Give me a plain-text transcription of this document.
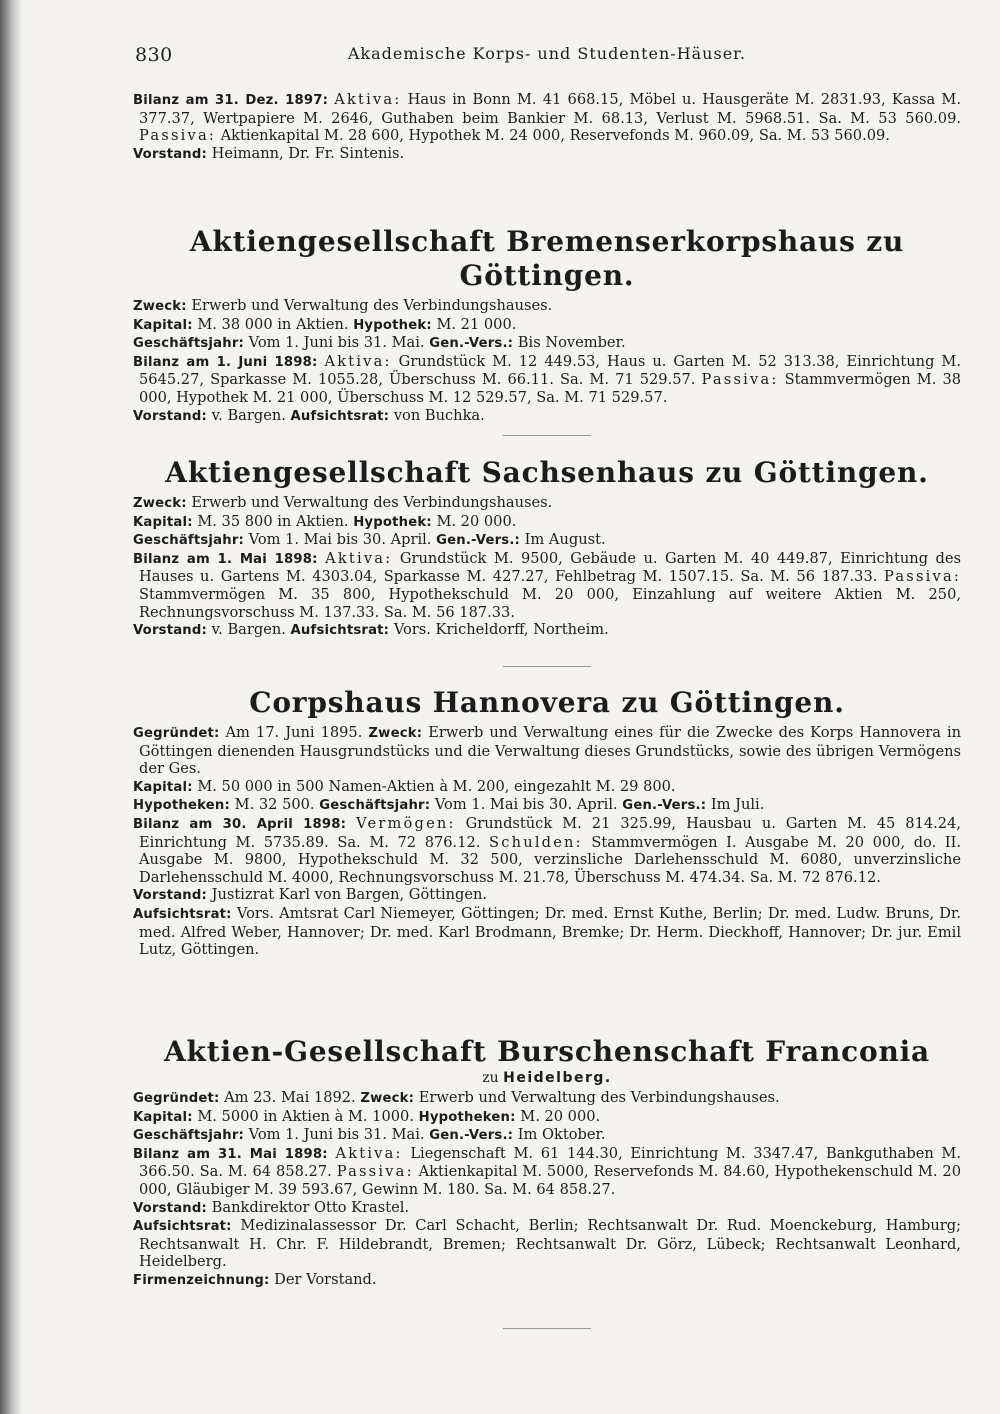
830	Akademische Korps- und Studenten-Häuser.

Bilanz am 31. Dez. 1897: Aktiva: Haus in Bonn M. 41 668.15, Möbel u. Hausgeräte M. 2831.93, Kassa M. 377.37, Wertpapiere M. 2646, Guthaben beim Bankier M. 68.13, Verlust M. 5968.51. Sa. M. 53 560.09. Passiva: Aktienkapital M. 28 600, Hypothek M. 24 000, Reservefonds M. 960.09, Sa. M. 53 560.09.

Vorstand: Heimann, Dr. Fr. Sintenis.

Aktiengesellschaft Bremenserkorpshaus zu Göttingen.

Zweck: Erwerb und Verwaltung des Verbindungshauses.

Kapital: M. 38 000 in Aktien. Hypothek: M. 21 000.

Geschäftsjahr: Vom 1. Juni bis 31. Mai. Gen.-Vers.: Bis November.

Bilanz am 1. Juni 1898: Aktiva: Grundstück M. 12 449.53, Haus u. Garten M. 52 313.38, Einrichtung M. 5645.27, Sparkasse M. 1055.28, Überschuss M. 66.11. Sa. M. 71 529.57. Passiva: Stammvermögen M. 38 000, Hypothek M. 21 000, Überschuss M. 12 529.57, Sa. M. 71 529.57.

Vorstand: v. Bargen. Aufsichtsrat: von Buchka.

Aktiengesellschaft Sachsenhaus zu Göttingen.

Zweck: Erwerb und Verwaltung des Verbindungshauses.

Kapital: M. 35 800 in Aktien. Hypothek: M. 20 000.

Geschäftsjahr: Vom 1. Mai bis 30. April. Gen.-Vers.: Im August.

Bilanz am 1. Mai 1898: Aktiva: Grundstück M. 9500, Gebäude u. Garten M. 40 449.87, Einrichtung des Hauses u. Gartens M. 4303.04, Sparkasse M. 427.27, Fehlbetrag M. 1507.15. Sa. M. 56 187.33. Passiva: Stammvermögen M. 35 800, Hypothekschuld M. 20 000, Einzahlung auf weitere Aktien M. 250, Rechnungsvorschuss M. 137.33. Sa. M. 56 187.33.

Vorstand: v. Bargen. Aufsichtsrat: Vors. Kricheldorff, Northeim.

Corpshaus Hannovera zu Göttingen.

Gegründet: Am 17. Juni 1895. Zweck: Erwerb und Verwaltung eines für die Zwecke des Korps Hannovera in Göttingen dienenden Hausgrundstücks und die Verwaltung dieses Grundstücks, sowie des übrigen Vermögens der Ges.

Kapital: M. 50 000 in 500 Namen-Aktien à M. 200, eingezahlt M. 29 800.

Hypotheken: M. 32 500. Geschäftsjahr: Vom 1. Mai bis 30. April. Gen.-Vers.: Im Juli.

Bilanz am 30. April 1898: Vermögen: Grundstück M. 21 325.99, Hausbau u. Garten M. 45 814.24, Einrichtung M. 5735.89. Sa. M. 72 876.12. Schulden: Stammvermögen I. Ausgabe M. 20 000, do. II. Ausgabe M. 9800, Hypothekschuld M. 32 500, verzinsliche Darlehensschuld M. 6080, unverzinsliche Darlehensschuld M. 4000, Rechnungsvorschuss M. 21.78, Überschuss M. 474.34. Sa. M. 72 876.12.

Vorstand: Justizrat Karl von Bargen, Göttingen.

Aufsichtsrat: Vors. Amtsrat Carl Niemeyer, Göttingen; Dr. med. Ernst Kuthe, Berlin; Dr. med. Ludw. Bruns, Dr. med. Alfred Weber, Hannover; Dr. med. Karl Brodmann, Bremke; Dr. Herm. Dieckhoff, Hannover; Dr. jur. Emil Lutz, Göttingen.

Aktien-Gesellschaft Burschenschaft Franconia

zu Heidelberg.

Gegründet: Am 23. Mai 1892. Zweck: Erwerb und Verwaltung des Verbindungshauses.

Kapital: M. 5000 in Aktien à M. 1000. Hypotheken: M. 20 000.

Geschäftsjahr: Vom 1. Juni bis 31. Mai. Gen.-Vers.: Im Oktober.

Bilanz am 31. Mai 1898: Aktiva: Liegenschaft M. 61 144.30, Einrichtung M. 3347.47, Bankguthaben M. 366.50. Sa. M. 64 858.27. Passiva: Aktienkapital M. 5000, Reservefonds M. 84.60, Hypothekenschuld M. 20 000, Gläubiger M. 39 593.67, Gewinn M. 180. Sa. M. 64 858.27.

Vorstand: Bankdirektor Otto Krastel.

Aufsichtsrat: Medizinalassessor Dr. Carl Schacht, Berlin; Rechtsanwalt Dr. Rud. Moenckeburg, Hamburg; Rechtsanwalt H. Chr. F. Hildebrandt, Bremen; Rechtsanwalt Dr. Görz, Lübeck; Rechtsanwalt Leonhard, Heidelberg.

Firmenzeichnung: Der Vorstand.
